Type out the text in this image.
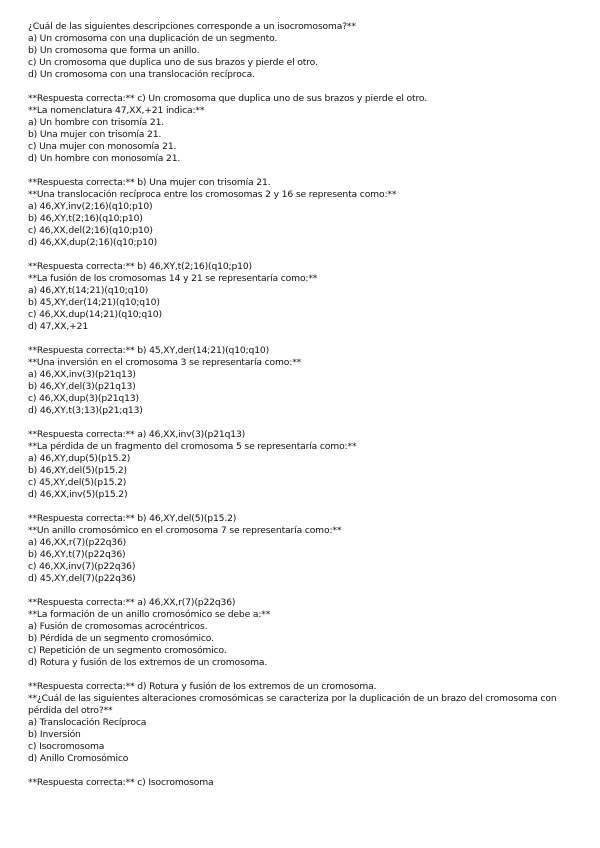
¿Cuál de las siguientes descripciones corresponde a un isocromosoma?**

a) Un cromosoma con una duplicación de un segmento.

b) Un cromosoma que forma un anillo.

c) Un cromosoma que duplica uno de sus brazos y pierde el otro.

d) Un cromosoma con una translocación recíproca.

**Respuesta correcta:** c) Un cromosoma que duplica uno de sus brazos y pierde el otro.

**La nomenclatura 47,XX,+21 indica:**

a) Un hombre con trisomía 21.

b) Una mujer con trisomía 21.

c) Una mujer con monosomía 21.

d) Un hombre con monosomía 21.

**Respuesta correcta:** b) Una mujer con trisomía 21.

**Una translocación recíproca entre los cromosomas 2 y 16 se representa como:**

a) 46,XY,inv(2;16)(q10;p10)

b) 46,XY,t(2;16)(q10;p10)

c) 46,XX,del(2;16)(q10;p10)

d) 46,XX,dup(2;16)(q10;p10)

**Respuesta correcta:** b) 46,XY,t(2;16)(q10;p10)

**La fusión de los cromosomas 14 y 21 se representaría como:**

a) 46,XY,t(14;21)(q10;q10)

b) 45,XY,der(14;21)(q10;q10)

c) 46,XX,dup(14;21)(q10;q10)

d) 47,XX,+21

**Respuesta correcta:** b) 45,XY,der(14;21)(q10;q10)

**Una inversión en el cromosoma 3 se representaría como:**

a) 46,XX,inv(3)(p21q13)

b) 46,XY,del(3)(p21q13)

c) 46,XX,dup(3)(p21q13)

d) 46,XY,t(3;13)(p21;q13)

**Respuesta correcta:** a) 46,XX,inv(3)(p21q13)

**La pérdida de un fragmento del cromosoma 5 se representaría como:**

a) 46,XY,dup(5)(p15.2)

b) 46,XY,del(5)(p15.2)

c) 45,XY,del(5)(p15.2)

d) 46,XX,inv(5)(p15.2)

**Respuesta correcta:** b) 46,XY,del(5)(p15.2)

**Un anillo cromosómico en el cromosoma 7 se representaría como:**

a) 46,XX,r(7)(p22q36)

b) 46,XY,t(7)(p22q36)

c) 46,XX,inv(7)(p22q36)

d) 45,XY,del(7)(p22q36)

**Respuesta correcta:** a) 46,XX,r(7)(p22q36)

**La formación de un anillo cromosómico se debe a:**

a) Fusión de cromosomas acrocéntricos.

b) Pérdida de un segmento cromosómico.

c) Repetición de un segmento cromosómico.

d) Rotura y fusión de los extremos de un cromosoma.

**Respuesta correcta:** d) Rotura y fusión de los extremos de un cromosoma.

**¿Cuál de las siguientes alteraciones cromosómicas se caracteriza por la duplicación de un brazo del cromosoma con pérdida del otro?**

a) Translocación Recíproca

b) Inversión

c) Isocromosoma

d) Anillo Cromosómico

**Respuesta correcta:** c) Isocromosoma
